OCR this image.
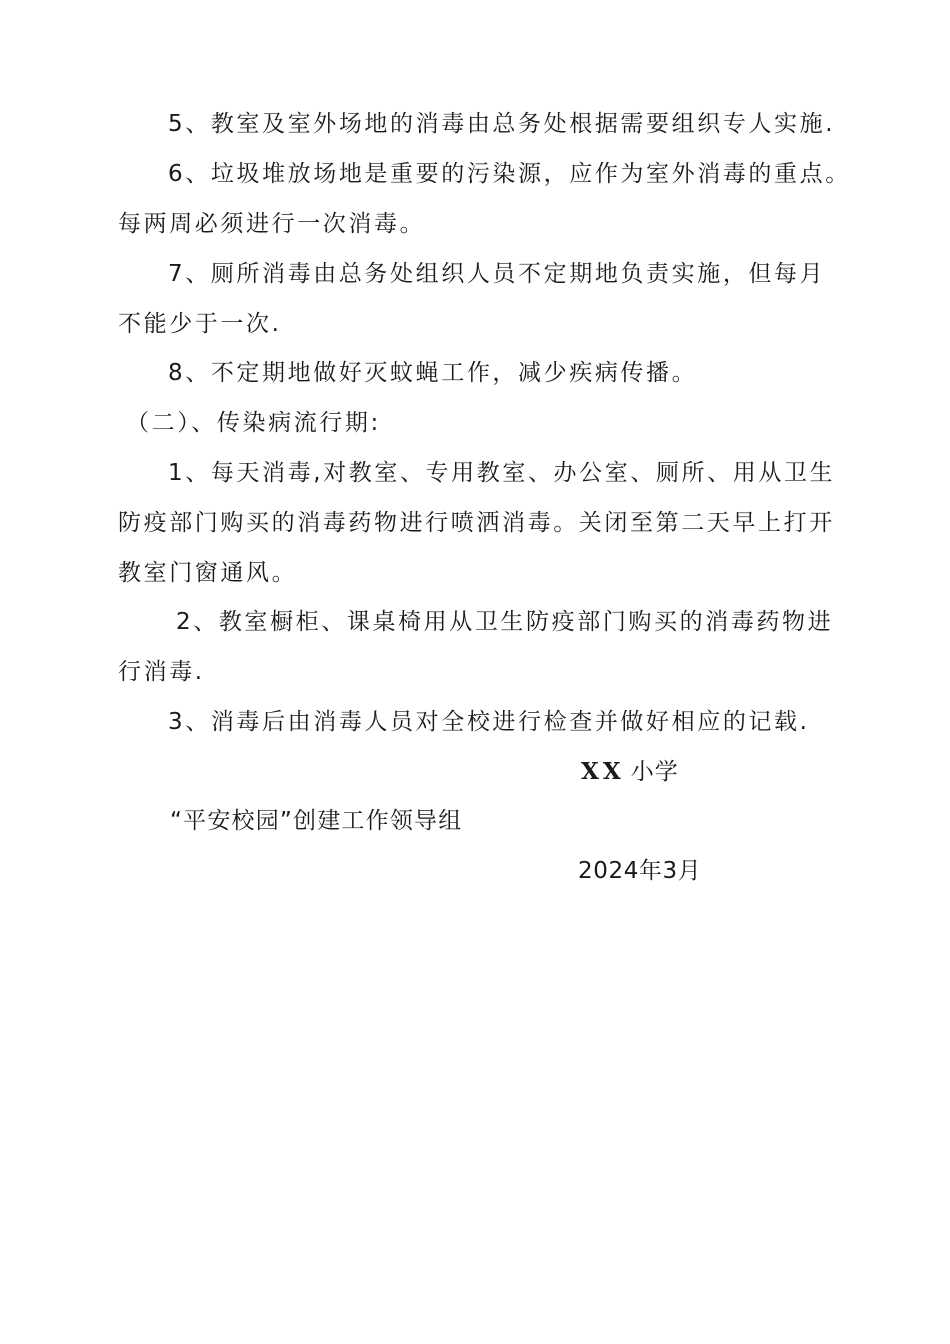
5、教室及室外场地的消毒由总务处根据需要组织专人实施.
6、垃圾堆放场地是重要的污染源，应作为室外消毒的重点。
每两周必须进行一次消毒。
7、厕所消毒由总务处组织人员不定期地负责实施，但每月
不能少于一次.
8、不定期地做好灭蚊蝇工作，减少疾病传播。
（二）、传染病流行期:
1、每天消毒,对教室、专用教室、办公室、厕所、用从卫生
防疫部门购买的消毒药物进行喷洒消毒。关闭至第二天早上打开
教室门窗通风。
2、教室橱柜、课桌椅用从卫生防疫部门购买的消毒药物进
行消毒.
3、消毒后由消毒人员对全校进行检查并做好相应的记载.
XX 小学
“平安校园”创建工作领导组
2024年3月
